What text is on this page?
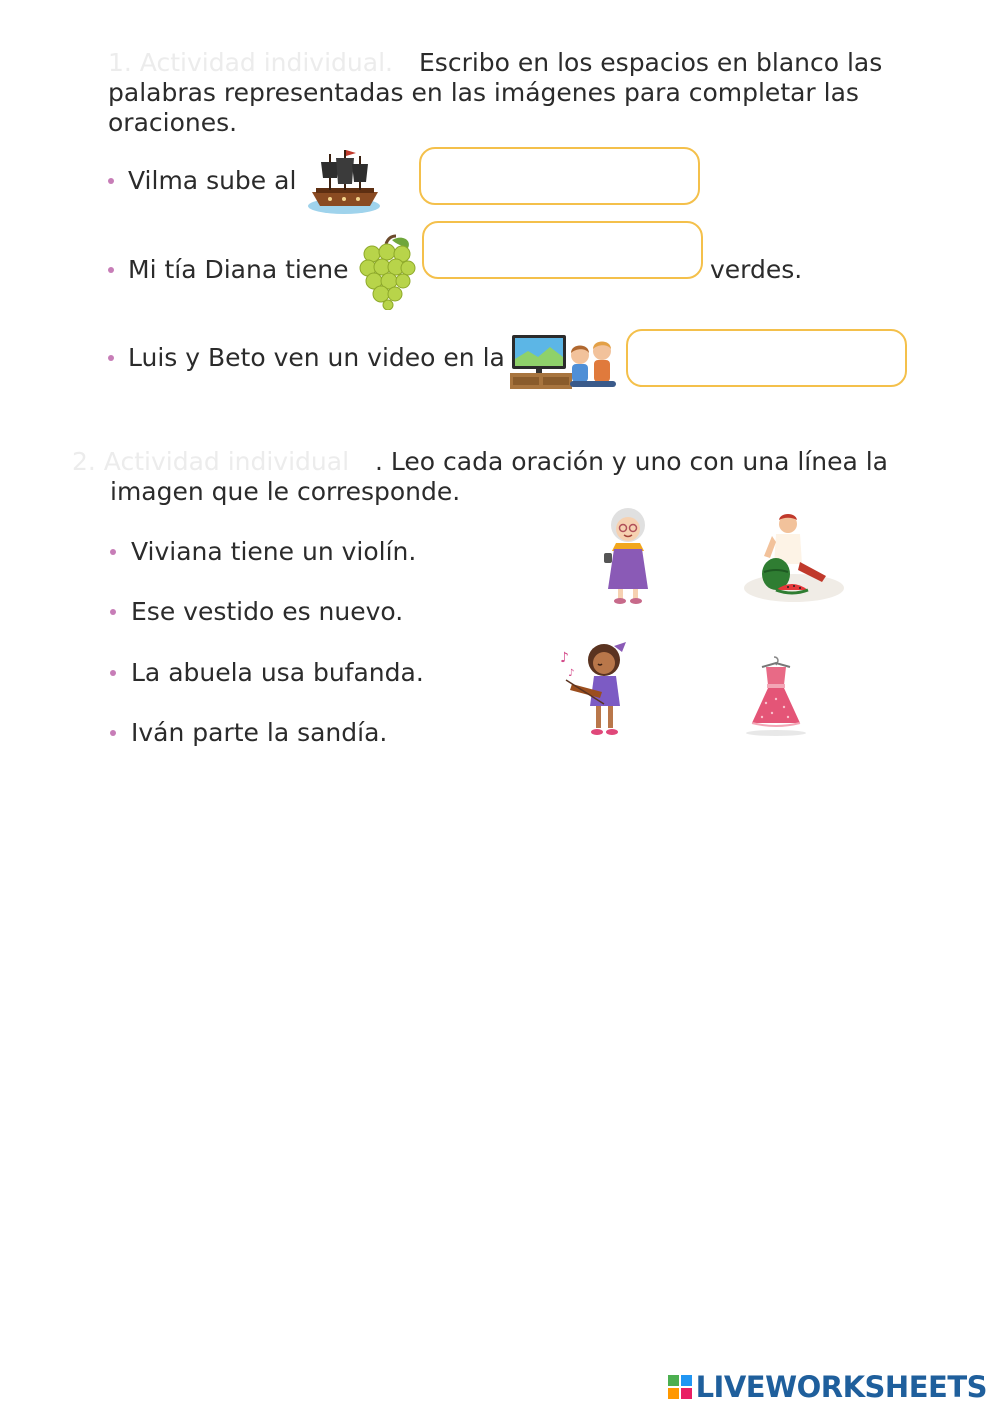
1. Actividad individual. Escribo en los espacios en blanco las
palabras representadas en las imágenes para completar las
oraciones.
Vilma sube al
Mi tía Diana tiene	verdes.
Luis y Beto ven un video en la
2. Actividad individual . Leo cada oración y uno con una línea la
imagen que le corresponde.
Viviana tiene un violín.
Ese vestido es nuevo.
La abuela usa bufanda.
Iván parte la sandía.
♪
♪
LIVEWORKSHEETS
